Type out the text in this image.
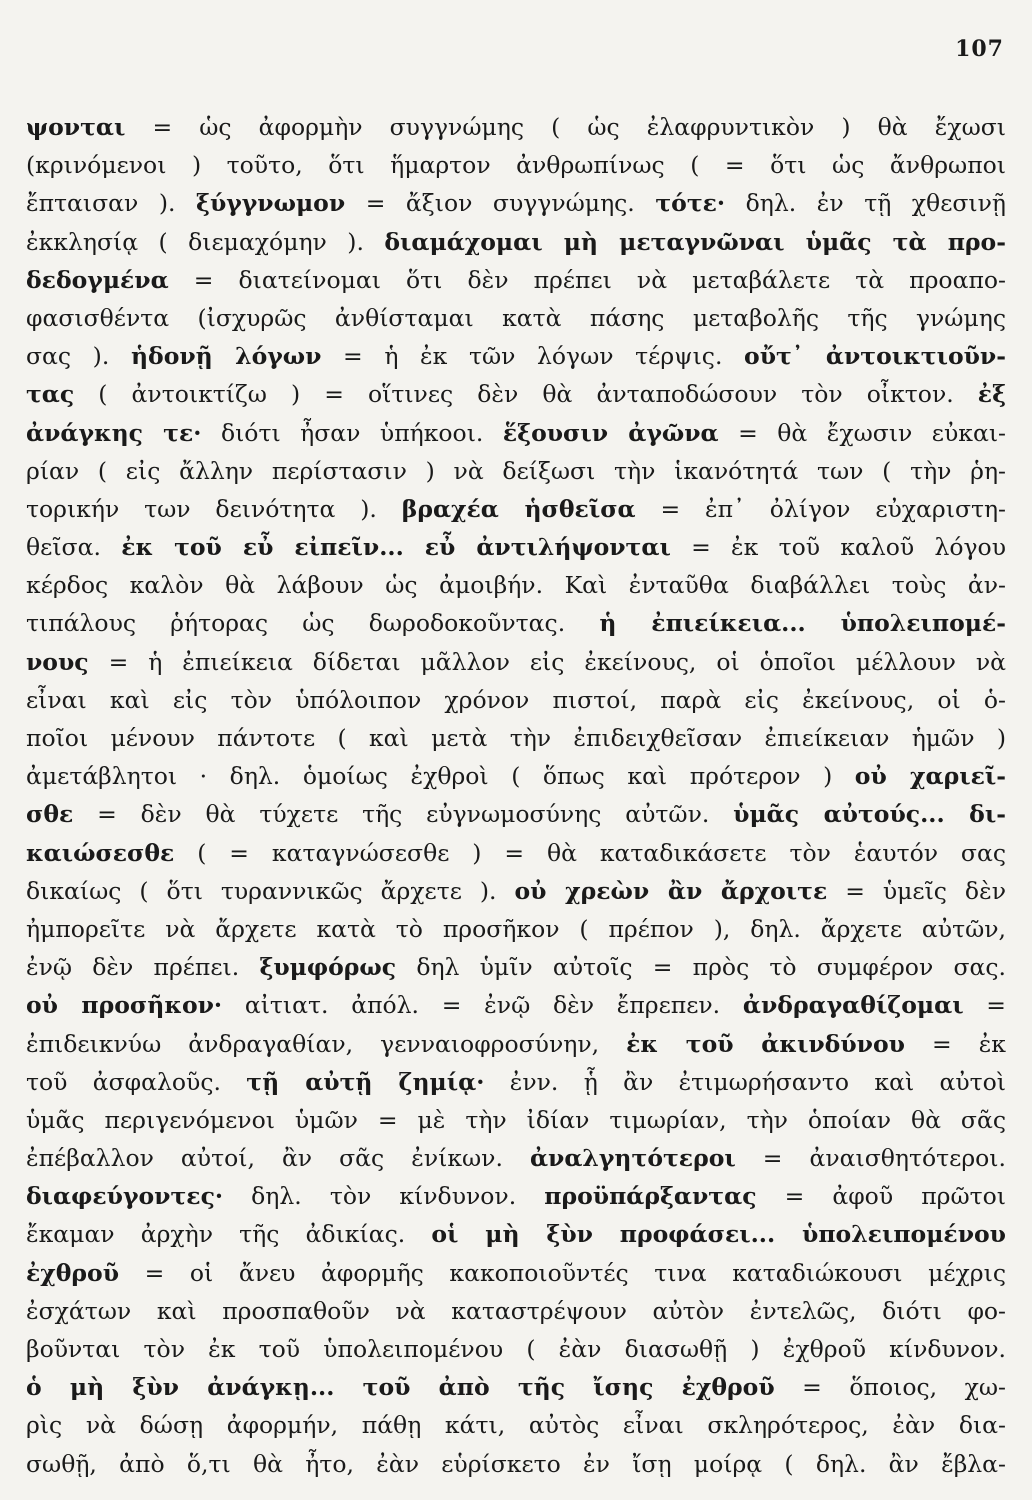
107
ψονται = ὡς ἀφορμὴν συγγνώμης ( ὡς ἐλαφρυντικὸν ) θὰ ἔχωσι
(κρινόμενοι ) τοῦτο, ὅτι ἥμαρτον ἀνθρωπίνως ( = ὅτι ὡς ἄνθρωποι
ἔπταισαν ). ξύγγνωμον = ἄξιον συγγνώμης. τότε· δηλ. ἐν τῇ χθεσινῇ
ἐκκλησίᾳ ( διεμαχόμην ). διαμάχομαι μὴ μεταγνῶναι ὑμᾶς τὰ προ-
δεδογμένα = διατείνομαι ὅτι δὲν πρέπει νὰ μεταβάλετε τὰ προαπο-
φασισθέντα (ἰσχυρῶς ἀνθίσταμαι κατὰ πάσης μεταβολῆς τῆς γνώμης
σας ). ἡδονῇ λόγων = ἡ ἐκ τῶν λόγων τέρψις. οὔτ᾽ ἀντοικτιοῦν-
τας ( ἀντοικτίζω ) = οἵτινες δὲν θὰ ἀνταποδώσουν τὸν οἶκτον. ἐξ
ἀνάγκης τε· διότι ἦσαν ὑπήκοοι. ἕξουσιν ἀγῶνα = θὰ ἔχωσιν εὐκαι-
ρίαν ( εἰς ἄλλην περίστασιν ) νὰ δείξωσι τὴν ἱκανότητά των ( τὴν ῥη-
τορικήν των δεινότητα ). βραχέα ἡσθεῖσα = ἐπ᾽ ὀλίγον εὐχαριστη-
θεῖσα. ἐκ τοῦ εὖ εἰπεῖν... εὖ ἀντιλήψονται = ἐκ τοῦ καλοῦ λόγου
κέρδος καλὸν θὰ λάβουν ὡς ἀμοιβήν. Καὶ ἐνταῦθα διαβάλλει τοὺς ἀν-
τιπάλους ῥήτορας ὡς δωροδοκοῦντας. ἡ ἐπιείκεια... ὑπολειπομέ-
νους = ἡ ἐπιείκεια δίδεται μᾶλλον εἰς ἐκείνους, οἱ ὁποῖοι μέλλουν νὰ
εἶναι καὶ εἰς τὸν ὑπόλοιπον χρόνον πιστοί, παρὰ εἰς ἐκείνους, οἱ ὁ-
ποῖοι μένουν πάντοτε ( καὶ μετὰ τὴν ἐπιδειχθεῖσαν ἐπιείκειαν ἡμῶν )
ἀμετάβλητοι · δηλ. ὁμοίως ἐχθροὶ ( ὅπως καὶ πρότερον ) οὐ χαριεῖ-
σθε = δὲν θὰ τύχετε τῆς εὐγνωμοσύνης αὐτῶν. ὑμᾶς αὐτούς... δι-
καιώσεσθε ( = καταγνώσεσθε ) = θὰ καταδικάσετε τὸν ἑαυτόν σας
δικαίως ( ὅτι τυραννικῶς ἄρχετε ). οὐ χρεὼν ἂν ἄρχοιτε = ὑμεῖς δὲν
ἠμπορεῖτε νὰ ἄρχετε κατὰ τὸ προσῆκον ( πρέπον ), δηλ. ἄρχετε αὐτῶν,
ἐνῷ δὲν πρέπει. ξυμφόρως δηλ ὑμῖν αὐτοῖς = πρὸς τὸ συμφέρον σας.
οὐ προσῆκον· αἰτιατ. ἀπόλ. = ἐνῷ δὲν ἔπρεπεν. ἀνδραγαθίζομαι =
ἐπιδεικνύω ἀνδραγαθίαν, γενναιοφροσύνην, ἐκ τοῦ ἀκινδύνου = ἐκ
τοῦ ἀσφαλοῦς. τῇ αὐτῇ ζημίᾳ· ἐνν. ᾗ ἂν ἐτιμωρήσαντο καὶ αὐτοὶ
ὑμᾶς περιγενόμενοι ὑμῶν = μὲ τὴν ἰδίαν τιμωρίαν, τὴν ὁποίαν θὰ σᾶς
ἐπέβαλλον αὐτοί, ἂν σᾶς ἐνίκων. ἀναλγητότεροι = ἀναισθητότεροι.
διαφεύγοντες· δηλ. τὸν κίνδυνον. προϋπάρξαντας = ἀφοῦ πρῶτοι
ἔκαμαν ἀρχὴν τῆς ἀδικίας. οἱ μὴ ξὺν προφάσει... ὑπολειπομένου
ἐχθροῦ = οἱ ἄνευ ἀφορμῆς κακοποιοῦντές τινα καταδιώκουσι μέχρις
ἐσχάτων καὶ προσπαθοῦν νὰ καταστρέψουν αὐτὸν ἐντελῶς, διότι φο-
βοῦνται τὸν ἐκ τοῦ ὑπολειπομένου ( ἐὰν διασωθῇ ) ἐχθροῦ κίνδυνον.
ὁ μὴ ξὺν ἀνάγκῃ... τοῦ ἀπὸ τῆς ἴσης ἐχθροῦ = ὅποιος, χω-
ρὶς νὰ δώσῃ ἀφορμήν, πάθῃ κάτι, αὐτὸς εἶναι σκληρότερος, ἐὰν δια-
σωθῇ, ἀπὸ ὅ,τι θὰ ἦτο, ἐὰν εὑρίσκετο ἐν ἴσῃ μοίρᾳ ( δηλ. ἂν ἔβλα-
